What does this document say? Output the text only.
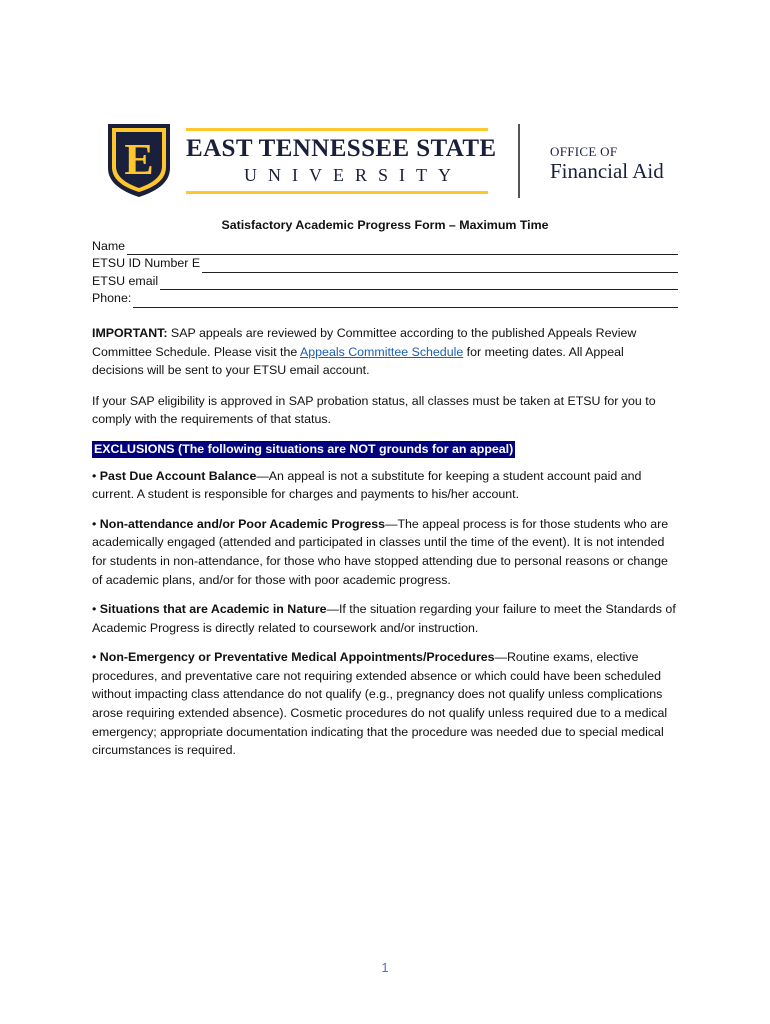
E EAST TENNESSEE STATE
UNIVERSITY
OFFICE OF
Financial Aid
Satisfactory Academic Progress Form – Maximum Time
Name
ETSU ID Number E
ETSU email
Phone:

IMPORTANT: SAP appeals are reviewed by Committee according to the published Appeals Review Committee Schedule. Please visit the Appeals Committee Schedule for meeting dates. All Appeal decisions will be sent to your ETSU email account.

If your SAP eligibility is approved in SAP probation status, all classes must be taken at ETSU for you to comply with the requirements of that status.

EXCLUSIONS (The following situations are NOT grounds for an appeal)

• Past Due Account Balance—An appeal is not a substitute for keeping a student account paid and current. A student is responsible for charges and payments to his/her account.

• Non-attendance and/or Poor Academic Progress—The appeal process is for those students who are academically engaged (attended and participated in classes until the time of the event). It is not intended for students in non-attendance, for those who have stopped attending due to personal reasons or change of academic plans, and/or for those with poor academic progress.

• Situations that are Academic in Nature—If the situation regarding your failure to meet the Standards of Academic Progress is directly related to coursework and/or instruction.

• Non-Emergency or Preventative Medical Appointments/Procedures—Routine exams, elective procedures, and preventative care not requiring extended absence or which could have been scheduled without impacting class attendance do not qualify (e.g., pregnancy does not qualify unless complications arose requiring extended absence). Cosmetic procedures do not qualify unless required due to a medical emergency; appropriate documentation indicating that the procedure was needed due to special medical circumstances is required.

1
